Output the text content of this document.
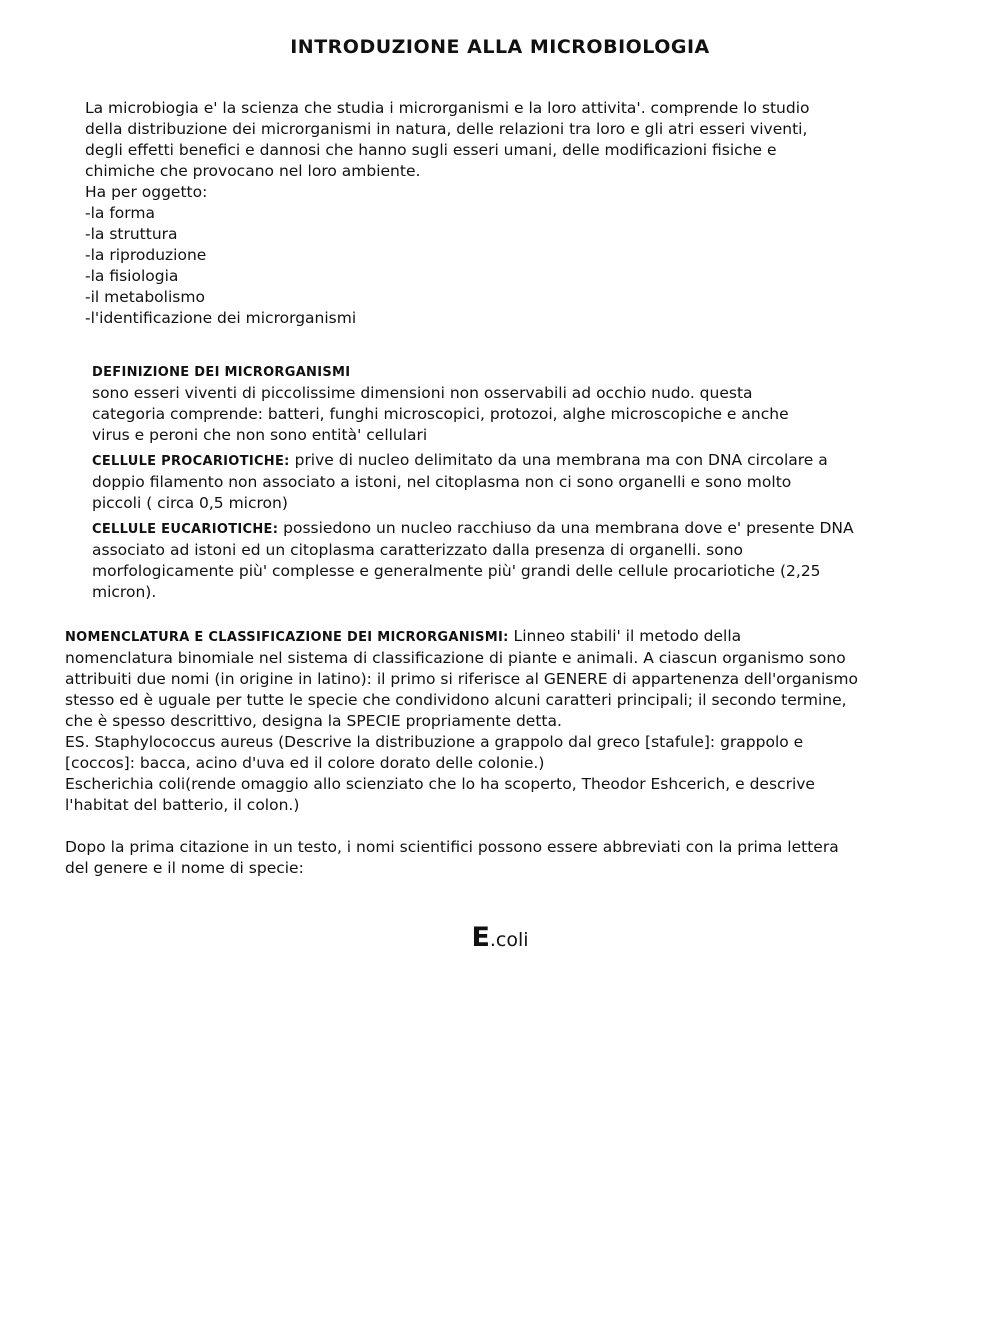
INTRODUZIONE ALLA MICROBIOLOGIA
La microbiogia e' la scienza che studia i microrganismi e la loro attivita'. comprende lo studio
della distribuzione dei microrganismi in natura, delle relazioni tra loro e gli atri esseri viventi,
degli effetti benefici e dannosi che hanno sugli esseri umani, delle modificazioni fisiche e
chimiche che provocano nel loro ambiente.
Ha per oggetto:
-la forma
-la struttura
-la riproduzione
-la fisiologia
-il metabolismo
-l'identificazione dei microrganismi
DEFINIZIONE DEI MICRORGANISMI
sono esseri viventi di piccolissime dimensioni non osservabili ad occhio nudo. questa
categoria comprende: batteri, funghi microscopici, protozoi, alghe microscopiche e anche
virus e peroni che non sono entità' cellulari
CELLULE PROCARIOTICHE: prive di nucleo delimitato da una membrana ma con DNA circolare a
doppio filamento non associato a istoni, nel citoplasma non ci sono organelli e sono molto
piccoli ( circa 0,5 micron)
CELLULE EUCARIOTICHE: possiedono un nucleo racchiuso da una membrana dove e' presente DNA
associato ad istoni ed un citoplasma caratterizzato dalla presenza di organelli. sono
morfologicamente più' complesse e generalmente più' grandi delle cellule procariotiche (2,25
micron).
NOMENCLATURA E CLASSIFICAZIONE DEI MICRORGANISMI: Linneo stabili' il metodo della
nomenclatura binomiale nel sistema di classificazione di piante e animali. A ciascun organismo sono
attribuiti due nomi (in origine in latino): il primo si riferisce al GENERE di appartenenza dell'organismo
stesso ed è uguale per tutte le specie che condividono alcuni caratteri principali; il secondo termine,
che è spesso descrittivo, designa la SPECIE propriamente detta.
ES. Staphylococcus aureus (Descrive la distribuzione a grappolo dal greco [stafule]: grappolo e
[coccos]: bacca, acino d'uva ed il colore dorato delle colonie.)
Escherichia coli(rende omaggio allo scienziato che lo ha scoperto, Theodor Eshcerich, e descrive
l'habitat del batterio, il colon.)
Dopo la prima citazione in un testo, i nomi scientifici possono essere abbreviati con la prima lettera
del genere e il nome di specie:
E.coli
